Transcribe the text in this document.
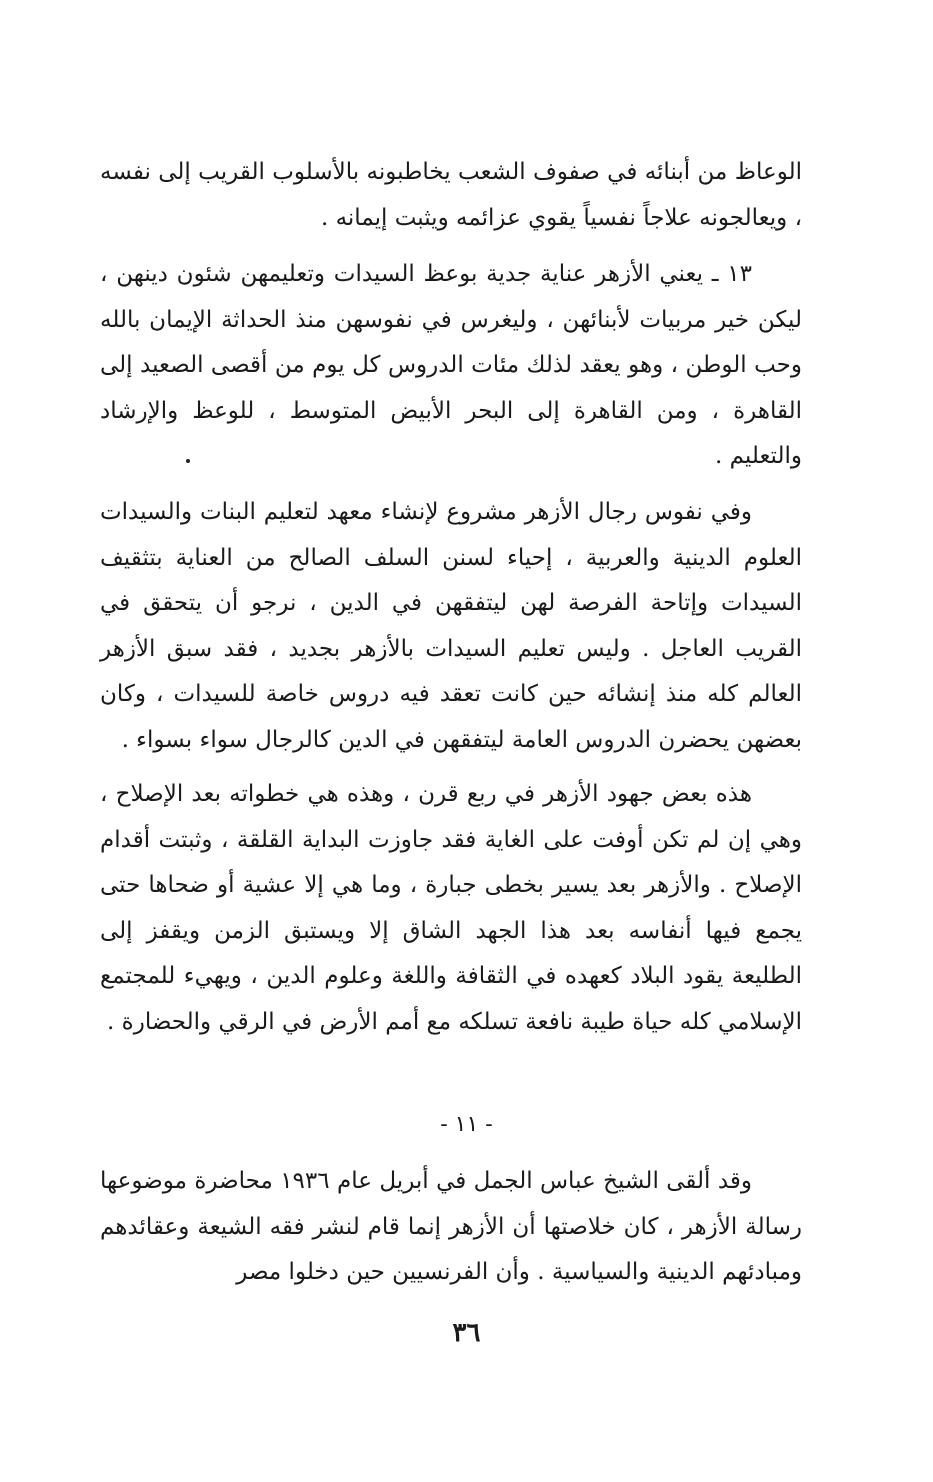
الوعاظ من أبنائه في صفوف الشعب يخاطبونه بالأسلوب القريب إلى نفسه ، ويعالجونه علاجاً نفسياً يقوي عزائمه ويثبت إيمانه .

١٣ ـ يعني الأزهر عناية جدية بوعظ السيدات وتعليمهن شئون دينهن ، ليكن خير مربيات لأبنائهن ، وليغرس في نفوسهن منذ الحداثة الإيمان بالله وحب الوطن ، وهو يعقد لذلك مئات الدروس كل يوم من أقصى الصعيد إلى القاهرة ، ومن القاهرة إلى البحر الأبيض المتوسط ، للوعظ والإرشاد والتعليم .

وفي نفوس رجال الأزهر مشروع لإنشاء معهد لتعليم البنات والسيدات العلوم الدينية والعربية ، إحياء لسنن السلف الصالح من العناية بتثقيف السيدات وإتاحة الفرصة لهن ليتفقهن في الدين ، نرجو أن يتحقق في القريب العاجل . وليس تعليم السيدات بالأزهر بجديد ، فقد سبق الأزهر العالم كله منذ إنشائه حين كانت تعقد فيه دروس خاصة للسيدات ، وكان بعضهن يحضرن الدروس العامة ليتفقهن في الدين كالرجال سواء بسواء .

هذه بعض جهود الأزهر في ربع قرن ، وهذه هي خطواته بعد الإصلاح ، وهي إن لم تكن أوفت على الغاية فقد جاوزت البداية القلقة ، وثبتت أقدام الإصلاح . والأزهر بعد يسير بخطى جبارة ، وما هي إلا عشية أو ضحاها حتى يجمع فيها أنفاسه بعد هذا الجهد الشاق إلا ويستبق الزمن ويقفز إلى الطليعة يقود البلاد كعهده في الثقافة واللغة وعلوم الدين ، ويهيء للمجتمع الإسلامي كله حياة طيبة نافعة تسلكه مع أمم الأرض في الرقي والحضارة .

- ١١ -

وقد ألقى الشيخ عباس الجمل في أبريل عام ١٩٣٦ محاضرة موضوعها رسالة الأزهر ، كان خلاصتها أن الأزهر إنما قام لنشر فقه الشيعة وعقائدهم ومبادئهم الدينية والسياسية . وأن الفرنسيين حين دخلوا مصر

٣٦
